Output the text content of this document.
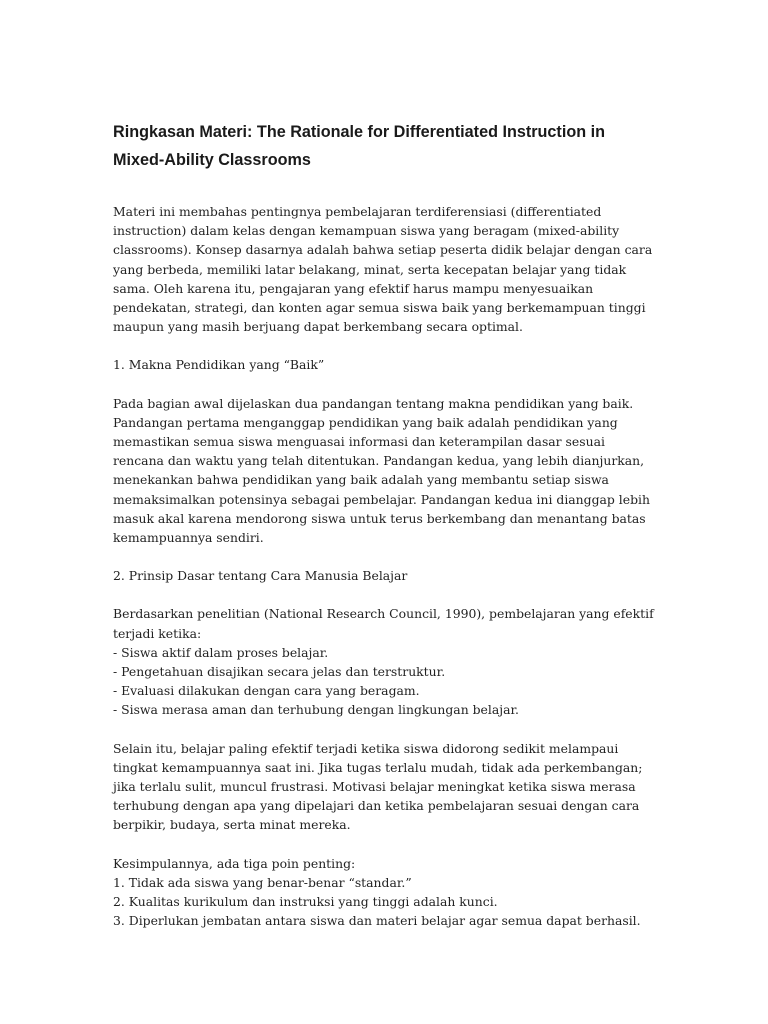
Ringkasan Materi: The Rationale for Differentiated Instruction in Mixed-Ability Classrooms

Materi ini membahas pentingnya pembelajaran terdiferensiasi (differentiated instruction) dalam kelas dengan kemampuan siswa yang beragam (mixed-ability classrooms). Konsep dasarnya adalah bahwa setiap peserta didik belajar dengan cara yang berbeda, memiliki latar belakang, minat, serta kecepatan belajar yang tidak sama. Oleh karena itu, pengajaran yang efektif harus mampu menyesuaikan pendekatan, strategi, dan konten agar semua siswa baik yang berkemampuan tinggi maupun yang masih berjuang dapat berkembang secara optimal.

1. Makna Pendidikan yang “Baik”

Pada bagian awal dijelaskan dua pandangan tentang makna pendidikan yang baik. Pandangan pertama menganggap pendidikan yang baik adalah pendidikan yang memastikan semua siswa menguasai informasi dan keterampilan dasar sesuai rencana dan waktu yang telah ditentukan. Pandangan kedua, yang lebih dianjurkan, menekankan bahwa pendidikan yang baik adalah yang membantu setiap siswa memaksimalkan potensinya sebagai pembelajar. Pandangan kedua ini dianggap lebih masuk akal karena mendorong siswa untuk terus berkembang dan menantang batas kemampuannya sendiri.

2. Prinsip Dasar tentang Cara Manusia Belajar

Berdasarkan penelitian (National Research Council, 1990), pembelajaran yang efektif terjadi ketika:
- Siswa aktif dalam proses belajar.
- Pengetahuan disajikan secara jelas dan terstruktur.
- Evaluasi dilakukan dengan cara yang beragam.
- Siswa merasa aman dan terhubung dengan lingkungan belajar.

Selain itu, belajar paling efektif terjadi ketika siswa didorong sedikit melampaui tingkat kemampuannya saat ini. Jika tugas terlalu mudah, tidak ada perkembangan; jika terlalu sulit, muncul frustrasi. Motivasi belajar meningkat ketika siswa merasa terhubung dengan apa yang dipelajari dan ketika pembelajaran sesuai dengan cara berpikir, budaya, serta minat mereka.

Kesimpulannya, ada tiga poin penting:
1. Tidak ada siswa yang benar-benar “standar.”
2. Kualitas kurikulum dan instruksi yang tinggi adalah kunci.
3. Diperlukan jembatan antara siswa dan materi belajar agar semua dapat berhasil.
